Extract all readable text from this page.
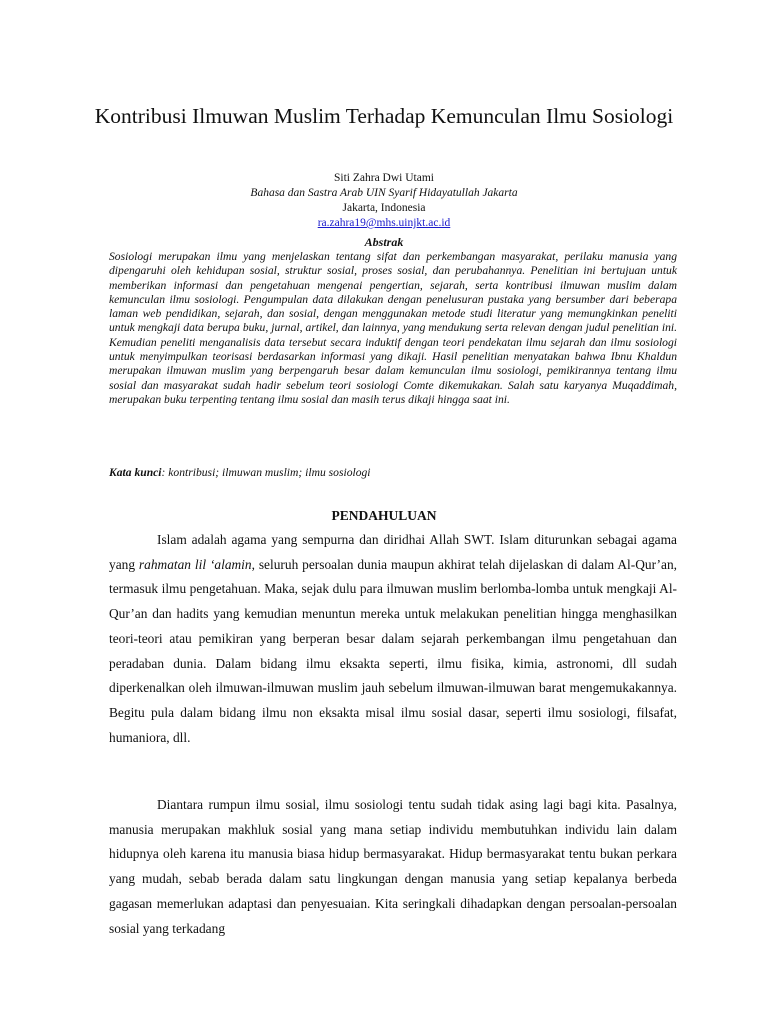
Kontribusi Ilmuwan Muslim Terhadap Kemunculan Ilmu Sosiologi
Siti Zahra Dwi Utami
Bahasa dan Sastra Arab UIN Syarif Hidayatullah Jakarta
Jakarta, Indonesia
ra.zahra19@mhs.uinjkt.ac.id
Abstrak

Sosiologi merupakan ilmu yang menjelaskan tentang sifat dan perkembangan masyarakat, perilaku manusia yang dipengaruhi oleh kehidupan sosial, struktur sosial, proses sosial, dan perubahannya. Penelitian ini bertujuan untuk memberikan informasi dan pengetahuan mengenai pengertian, sejarah, serta kontribusi ilmuwan muslim dalam kemunculan ilmu sosiologi. Pengumpulan data dilakukan dengan penelusuran pustaka yang bersumber dari beberapa laman web pendidikan, sejarah, dan sosial, dengan menggunakan metode studi literatur yang memungkinkan peneliti untuk mengkaji data berupa buku, jurnal, artikel, dan lainnya, yang mendukung serta relevan dengan judul penelitian ini. Kemudian peneliti menganalisis data tersebut secara induktif dengan teori pendekatan ilmu sejarah dan ilmu sosiologi untuk menyimpulkan teorisasi berdasarkan informasi yang dikaji. Hasil penelitian menyatakan bahwa Ibnu Khaldun merupakan ilmuwan muslim yang berpengaruh besar dalam kemunculan ilmu sosiologi, pemikirannya tentang ilmu sosial dan masyarakat sudah hadir sebelum teori sosiologi Comte dikemukakan. Salah satu karyanya Muqaddimah, merupakan buku terpenting tentang ilmu sosial dan masih terus dikaji hingga saat ini.

Kata kunci: kontribusi; ilmuwan muslim; ilmu sosiologi
PENDAHULUAN

Islam adalah agama yang sempurna dan diridhai Allah SWT. Islam diturunkan sebagai agama yang rahmatan lil ‘alamin, seluruh persoalan dunia maupun akhirat telah dijelaskan di dalam Al-Qur’an, termasuk ilmu pengetahuan. Maka, sejak dulu para ilmuwan muslim berlomba-lomba untuk mengkaji Al-Qur’an dan hadits yang kemudian menuntun mereka untuk melakukan penelitian hingga menghasilkan teori-teori atau pemikiran yang berperan besar dalam sejarah perkembangan ilmu pengetahuan dan peradaban dunia. Dalam bidang ilmu eksakta seperti, ilmu fisika, kimia, astronomi, dll sudah diperkenalkan oleh ilmuwan-ilmuwan muslim jauh sebelum ilmuwan-ilmuwan barat mengemukakannya. Begitu pula dalam bidang ilmu non eksakta misal ilmu sosial dasar, seperti ilmu sosiologi, filsafat, humaniora, dll.

Diantara rumpun ilmu sosial, ilmu sosiologi tentu sudah tidak asing lagi bagi kita. Pasalnya, manusia merupakan makhluk sosial yang mana setiap individu membutuhkan individu lain dalam hidupnya oleh karena itu manusia biasa hidup bermasyarakat. Hidup bermasyarakat tentu bukan perkara yang mudah, sebab berada dalam satu lingkungan dengan manusia yang setiap kepalanya berbeda gagasan memerlukan adaptasi dan penyesuaian. Kita seringkali dihadapkan dengan persoalan-persoalan sosial yang terkadang
